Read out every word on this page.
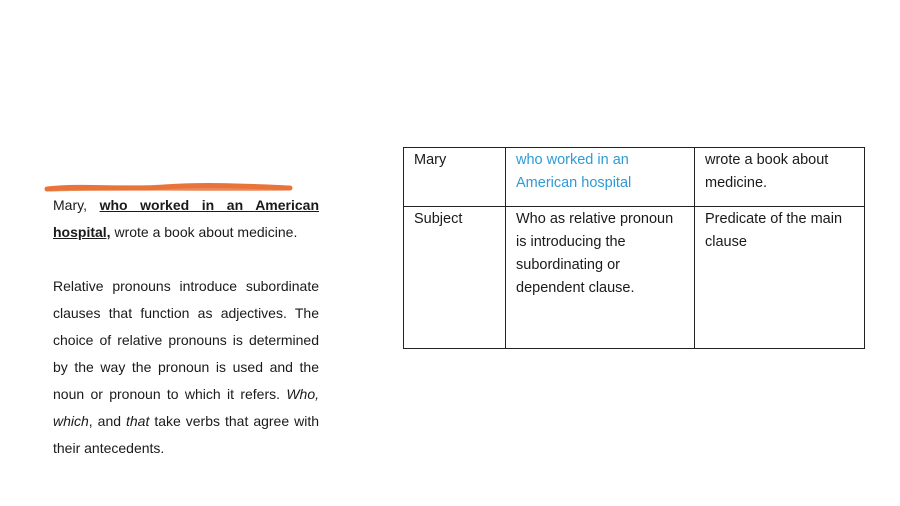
Mary, who worked in an American hospital, wrote a book about medicine.

Relative pronouns introduce subordinate clauses that function as adjectives. The choice of relative pronouns is determined by the way the pronoun is used and the noun or pronoun to which it refers. Who, which, and that take verbs that agree with their antecedents.

Mary	who worked in an American hospital	wrote a book about medicine.
Subject	Who as relative pronoun is introducing the subordinating or dependent clause.	Predicate of the main clause
